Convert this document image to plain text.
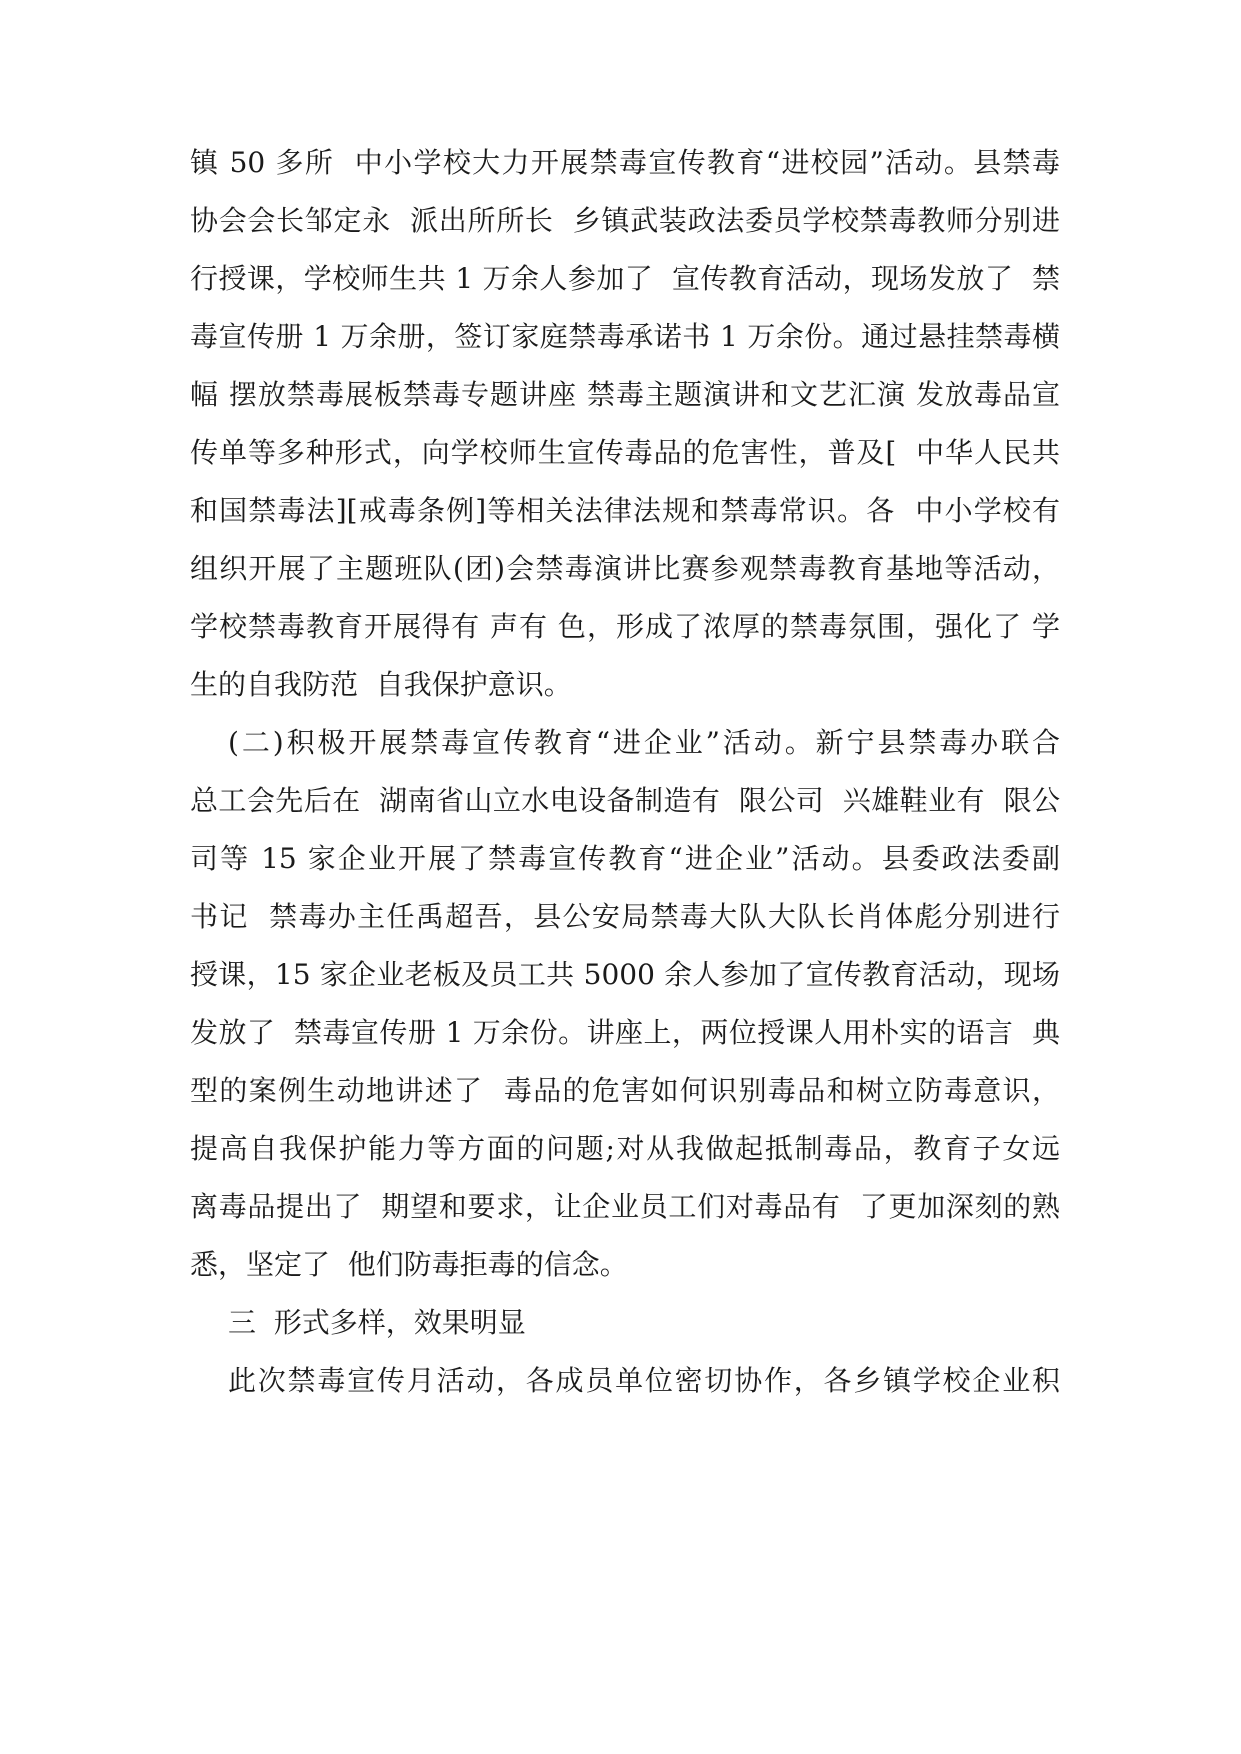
镇 50 多所  中小学校大力开展禁毒宣传教育“进校园”活动。县禁毒
协会会长邹定永  派出所所长  乡镇武装政法委员学校禁毒教师分别进
行授课，学校师生共 1 万余人参加了  宣传教育活动，现场发放了  禁
毒宣传册 1 万余册，签订家庭禁毒承诺书 1 万余份。通过悬挂禁毒横
幅 摆放禁毒展板禁毒专题讲座 禁毒主题演讲和文艺汇演 发放毒品宣
传单等多种形式，向学校师生宣传毒品的危害性，普及[  中华人民共
和国禁毒法][戒毒条例]等相关法律法规和禁毒常识。各  中小学校有
组织开展了主题班队(团)会禁毒演讲比赛参观禁毒教育基地等活动，
学校禁毒教育开展得有 声有 色，形成了浓厚的禁毒氛围，强化了 学
生的自我防范  自我保护意识。
(二)积极开展禁毒宣传教育“进企业”活动。新宁县禁毒办联合
总工会先后在  湖南省山立水电设备制造有  限公司  兴雄鞋业有  限公
司等 15 家企业开展了禁毒宣传教育“进企业”活动。县委政法委副
书记  禁毒办主任禹超吾，县公安局禁毒大队大队长肖体彪分别进行
授课，15 家企业老板及员工共 5000 余人参加了宣传教育活动，现场
发放了  禁毒宣传册 1 万余份。讲座上，两位授课人用朴实的语言  典
型的案例生动地讲述了  毒品的危害如何识别毒品和树立防毒意识，
提高自我保护能力等方面的问题;对从我做起抵制毒品，教育子女远
离毒品提出了  期望和要求，让企业员工们对毒品有  了更加深刻的熟
悉，坚定了  他们防毒拒毒的信念。
三  形式多样，效果明显
此次禁毒宣传月活动，各成员单位密切协作，各乡镇学校企业积
